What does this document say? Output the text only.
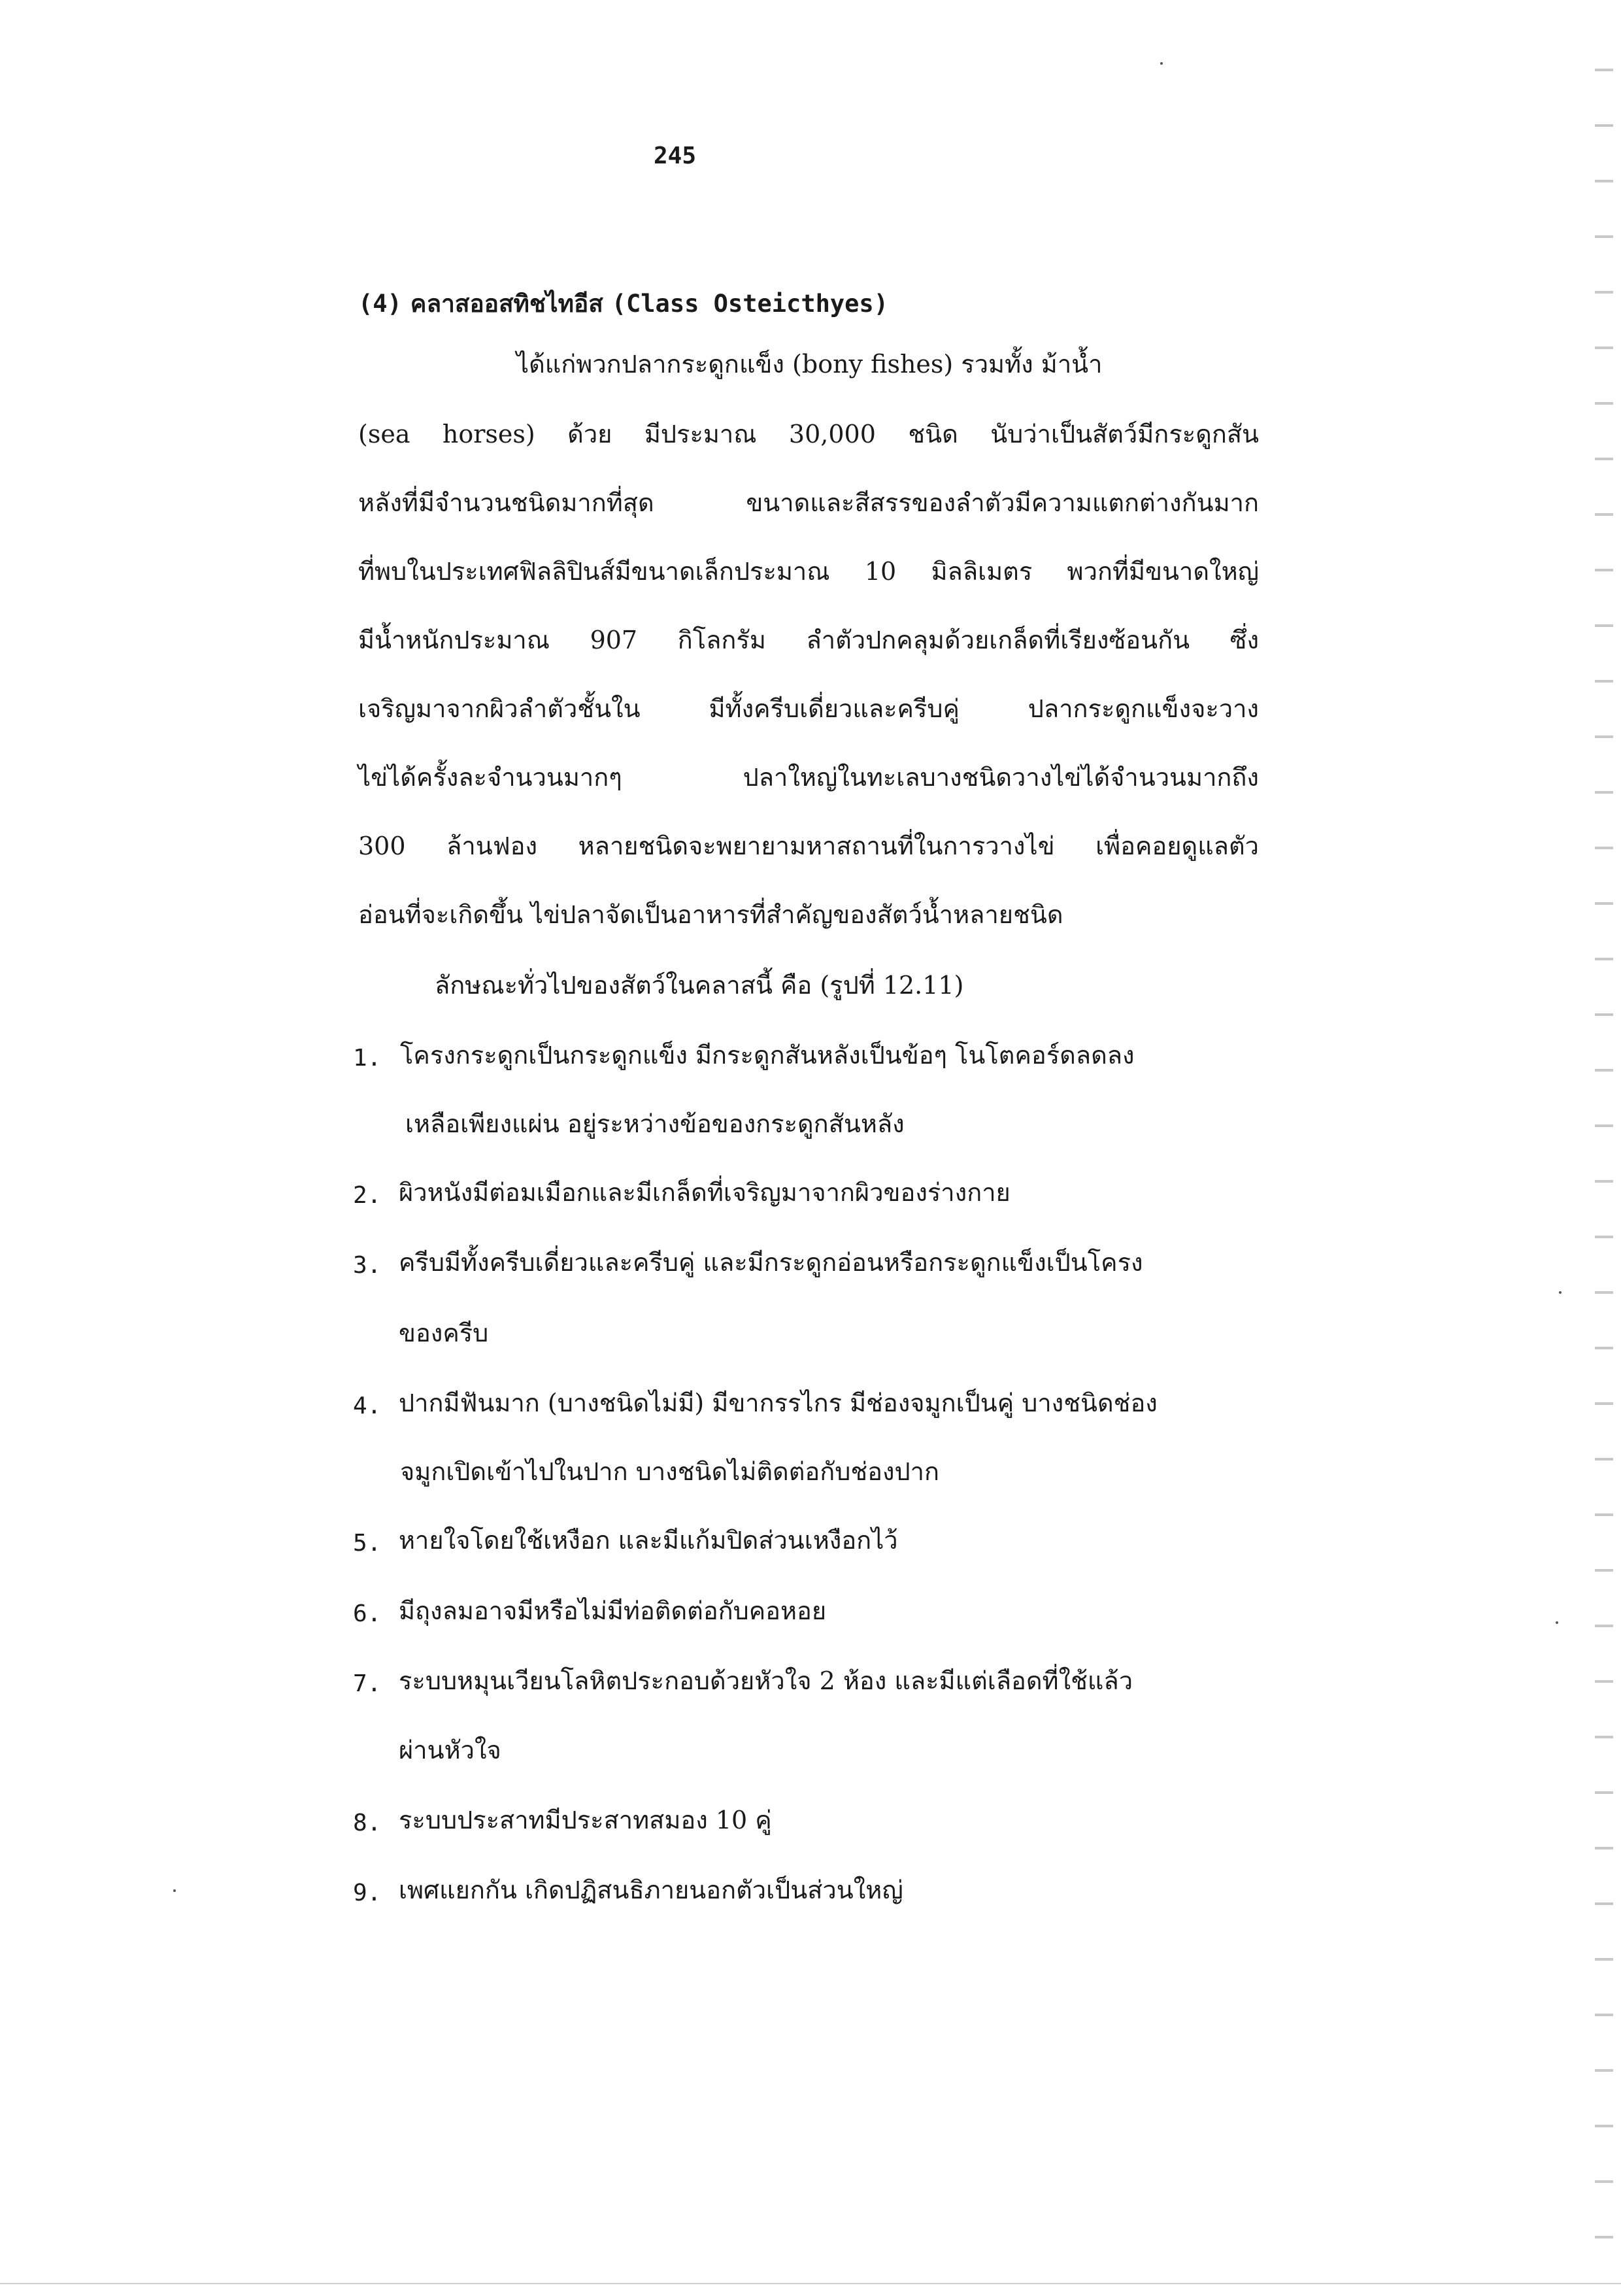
245
(4) คลาสออสทิชไทอีส (Class Osteicthyes)
ได้แก่พวกปลากระดูกแข็ง (bony fishes) รวมทั้ง ม้าน้ำ
(sea horses) ด้วย มีประมาณ 30,000 ชนิด นับว่าเป็นสัตว์มีกระดูกสัน
หลังที่มีจำนวนชนิดมากที่สุด ขนาดและสีสรรของลำตัวมีความแตกต่างกันมาก
ที่พบในประเทศฟิลลิปินส์มีขนาดเล็กประมาณ 10 มิลลิเมตร พวกที่มีขนาดใหญ่
มีน้ำหนักประมาณ 907 กิโลกรัม ลำตัวปกคลุมด้วยเกล็ดที่เรียงซ้อนกัน ซึ่ง
เจริญมาจากผิวลำตัวชั้นใน มีทั้งครีบเดี่ยวและครีบคู่ ปลากระดูกแข็งจะวาง
ไข่ได้ครั้งละจำนวนมากๆ ปลาใหญ่ในทะเลบางชนิดวางไข่ได้จำนวนมากถึง
300 ล้านฟอง หลายชนิดจะพยายามหาสถานที่ในการวางไข่ เพื่อคอยดูแลตัว
อ่อนที่จะเกิดขึ้น ไข่ปลาจัดเป็นอาหารที่สำคัญของสัตว์น้ำหลายชนิด
ลักษณะทั่วไปของสัตว์ในคลาสนี้ คือ (รูปที่ 12.11)
1. โครงกระดูกเป็นกระดูกแข็ง มีกระดูกสันหลังเป็นข้อๆ โนโตคอร์ดลดลง
เหลือเพียงแผ่น อยู่ระหว่างข้อของกระดูกสันหลัง
2. ผิวหนังมีต่อมเมือกและมีเกล็ดที่เจริญมาจากผิวของร่างกาย
3. ครีบมีทั้งครีบเดี่ยวและครีบคู่ และมีกระดูกอ่อนหรือกระดูกแข็งเป็นโครง
ของครีบ
4. ปากมีฟันมาก (บางชนิดไม่มี) มีขากรรไกร มีช่องจมูกเป็นคู่ บางชนิดช่อง
จมูกเปิดเข้าไปในปาก บางชนิดไม่ติดต่อกับช่องปาก
5. หายใจโดยใช้เหงือก และมีแก้มปิดส่วนเหงือกไว้
6. มีถุงลมอาจมีหรือไม่มีท่อติดต่อกับคอหอย
7. ระบบหมุนเวียนโลหิตประกอบด้วยหัวใจ 2 ห้อง และมีแต่เลือดที่ใช้แล้ว
ผ่านหัวใจ
8. ระบบประสาทมีประสาทสมอง 10 คู่
9. เพศแยกกัน เกิดปฏิสนธิภายนอกตัวเป็นส่วนใหญ่
